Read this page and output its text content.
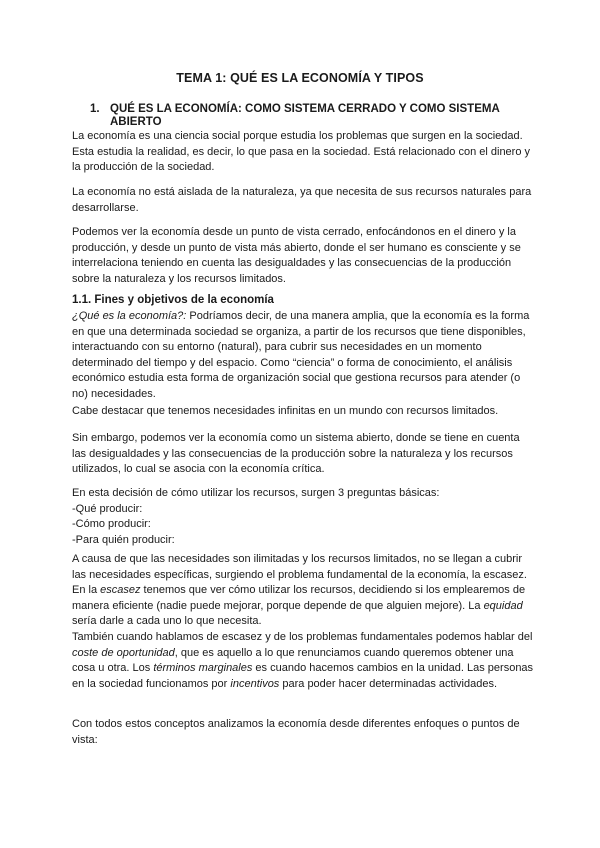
TEMA 1: QUÉ ES LA ECONOMÍA Y TIPOS
1. QUÉ ES LA ECONOMÍA: COMO SISTEMA CERRADO Y COMO SISTEMA ABIERTO

La economía es una ciencia social porque estudia los problemas que surgen en la sociedad. Esta estudia la realidad, es decir, lo que pasa en la sociedad. Está relacionado con el dinero y la producción de la sociedad.

La economía no está aislada de la naturaleza, ya que necesita de sus recursos naturales para desarrollarse.

Podemos ver la economía desde un punto de vista cerrado, enfocándonos en el dinero y la producción, y desde un punto de vista más abierto, donde el ser humano es consciente y se interrelaciona teniendo en cuenta las desigualdades y las consecuencias de la producción sobre la naturaleza y los recursos limitados.

1.1. Fines y objetivos de la economía

¿Qué es la economía?: Podríamos decir, de una manera amplia, que la economía es la forma en que una determinada sociedad se organiza, a partir de los recursos que tiene disponibles, interactuando con su entorno (natural), para cubrir sus necesidades en un momento determinado del tiempo y del espacio. Como “ciencia” o forma de conocimiento, el análisis económico estudia esta forma de organización social que gestiona recursos para atender (o no) necesidades.

Cabe destacar que tenemos necesidades infinitas en un mundo con recursos limitados.

Sin embargo, podemos ver la economía como un sistema abierto, donde se tiene en cuenta las desigualdades y las consecuencias de la producción sobre la naturaleza y los recursos utilizados, lo cual se asocia con la economía crítica.

En esta decisión de cómo utilizar los recursos, surgen 3 preguntas básicas:
-Qué producir:
-Cómo producir:
-Para quién producir:

A causa de que las necesidades son ilimitadas y los recursos limitados, no se llegan a cubrir las necesidades específicas, surgiendo el problema fundamental de la economía, la escasez. En la escasez tenemos que ver cómo utilizar los recursos, decidiendo si los emplearemos de manera eficiente (nadie puede mejorar, porque depende de que alguien mejore). La equidad sería darle a cada uno lo que necesita.

También cuando hablamos de escasez y de los problemas fundamentales podemos hablar del coste de oportunidad, que es aquello a lo que renunciamos cuando queremos obtener una cosa u otra. Los términos marginales es cuando hacemos cambios en la unidad. Las personas en la sociedad funcionamos por incentivos para poder hacer determinadas actividades.

Con todos estos conceptos analizamos la economía desde diferentes enfoques o puntos de vista:
